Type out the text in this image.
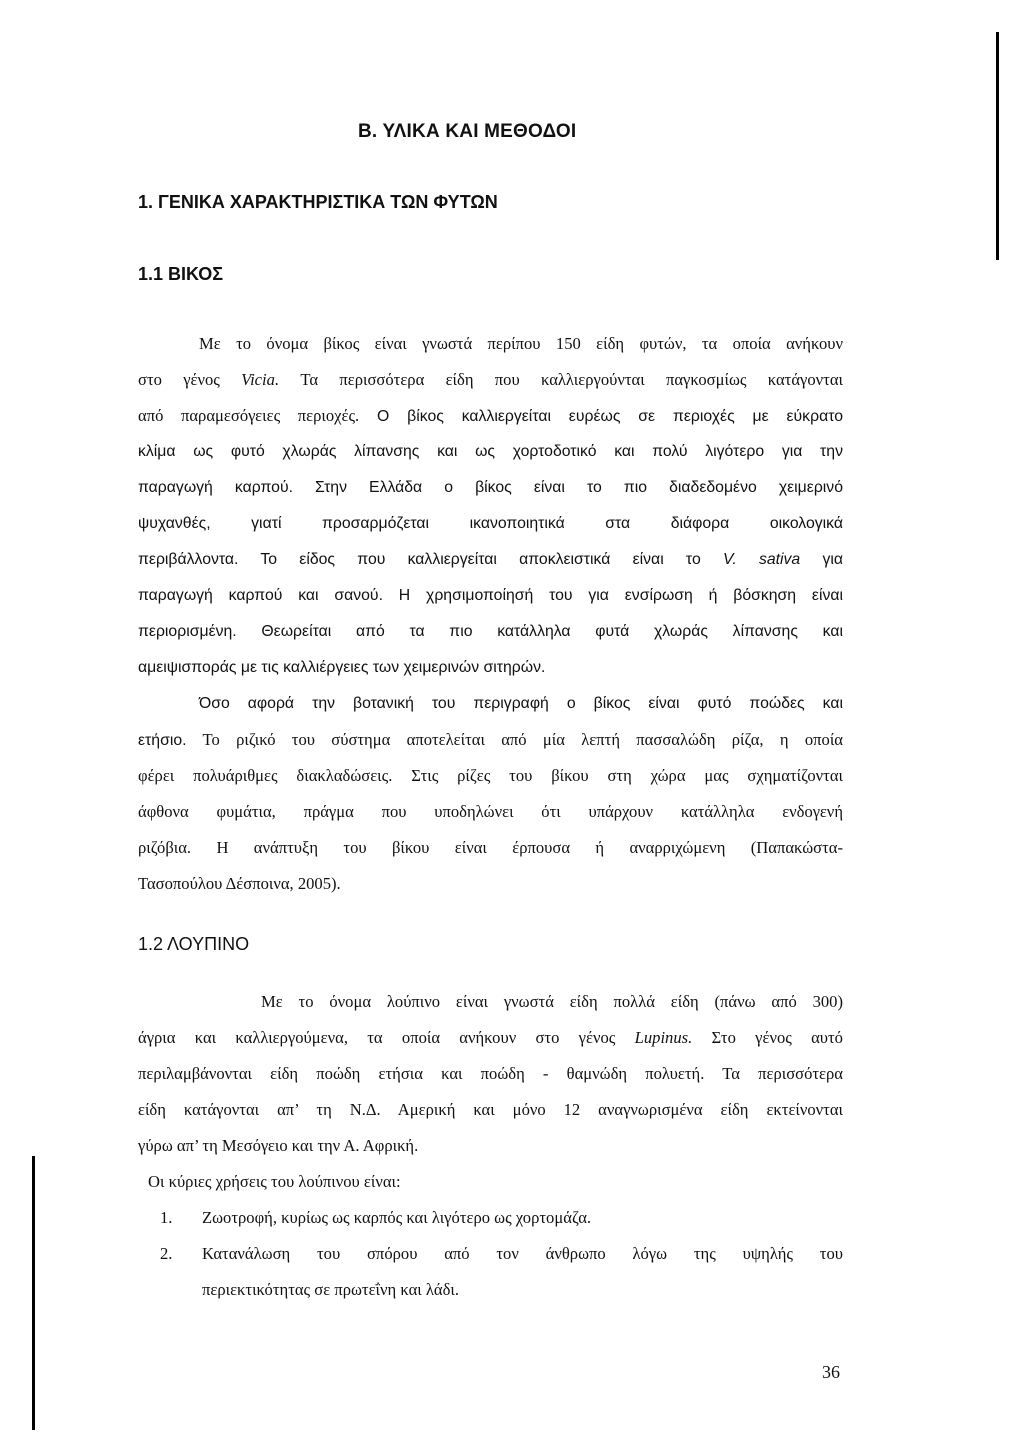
Β. ΥΛΙΚΑ ΚΑΙ ΜΕΘΟΔΟΙ
1. ΓΕΝΙΚΑ ΧΑΡΑΚΤΗΡΙΣΤΙΚΑ ΤΩΝ ΦΥΤΩΝ
1.1 ΒΙΚΟΣ
Με το όνομα βίκος είναι γνωστά περίπου 150 είδη φυτών, τα οποία ανήκουν
στο γένος Vicia. Τα περισσότερα είδη που καλλιεργούνται παγκοσμίως κατάγονται
από παραμεσόγειες περιοχές. Ο βίκος καλλιεργείται ευρέως σε περιοχές με εύκρατο
κλίμα ως φυτό χλωράς λίπανσης και ως χορτοδοτικό και πολύ λιγότερο για την
παραγωγή καρπού. Στην Ελλάδα ο βίκος είναι το πιο διαδεδομένο χειμερινό
ψυχανθές, γιατί προσαρμόζεται ικανοποιητικά στα διάφορα οικολογικά
περιβάλλοντα. Το είδος που καλλιεργείται αποκλειστικά είναι το V. sativa για
παραγωγή καρπού και σανού. Η χρησιμοποίησή του για ενσίρωση ή βόσκηση είναι
περιορισμένη. Θεωρείται από τα πιο κατάλληλα φυτά χλωράς λίπανσης και
αμειψισποράς με τις καλλιέργειες των χειμερινών σιτηρών.
Όσο αφορά την βοτανική του περιγραφή ο βίκος είναι φυτό ποώδες και
ετήσιο. Το ριζικό του σύστημα αποτελείται από μία λεπτή πασσαλώδη ρίζα, η οποία
φέρει πολυάριθμες διακλαδώσεις. Στις ρίζες του βίκου στη χώρα μας σχηματίζονται
άφθονα φυμάτια, πράγμα που υποδηλώνει ότι υπάρχουν κατάλληλα ενδογενή
ριζόβια. Η ανάπτυξη του βίκου είναι έρπουσα ή αναρριχώμενη (Παπακώστα-
Τασοπούλου Δέσποινα, 2005).
1.2 ΛΟΥΠΙΝΟ
Με το όνομα λούπινο είναι γνωστά είδη πολλά είδη (πάνω από 300)
άγρια και καλλιεργούμενα, τα οποία ανήκουν στο γένος Lupinus. Στο γένος αυτό
περιλαμβάνονται είδη ποώδη ετήσια και ποώδη - θαμνώδη πολυετή. Τα περισσότερα
είδη κατάγονται απ’ τη Ν.Δ. Αμερική και μόνο 12 αναγνωρισμένα είδη εκτείνονται
γύρω απ’ τη Μεσόγειο και την Α. Αφρική.
Οι κύριες χρήσεις του λούπινου είναι:
1. Ζωοτροφή, κυρίως ως καρπός και λιγότερο ως χορτομάζα.
2. Κατανάλωση του σπόρου από τον άνθρωπο λόγω της υψηλής του
περιεκτικότητας σε πρωτεΐνη και λάδι.
36
